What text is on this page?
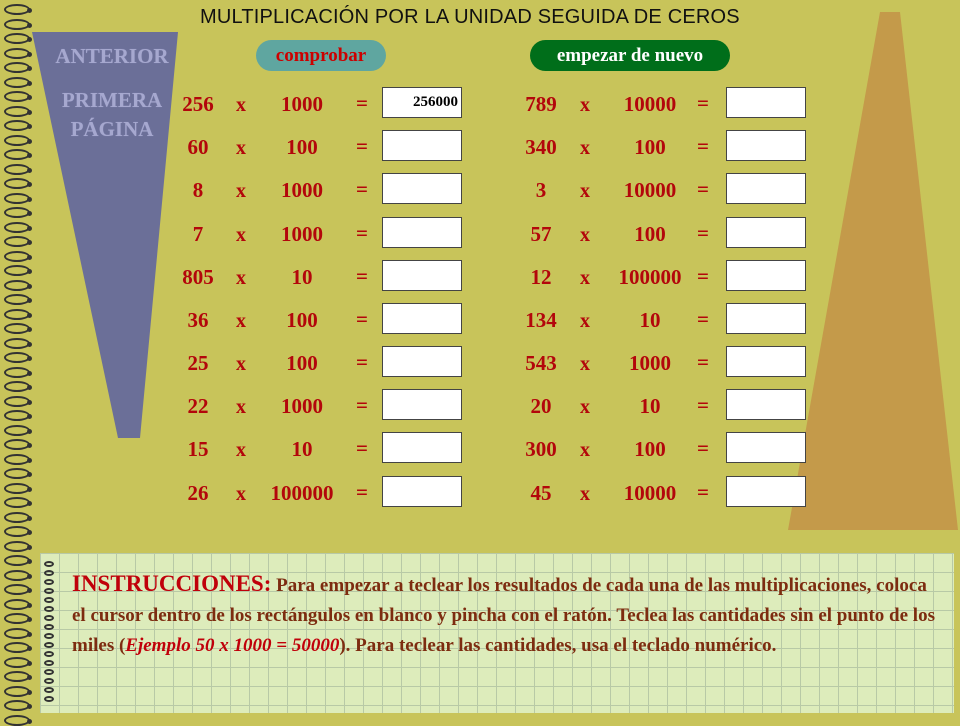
MULTIPLICACIÓN POR LA UNIDAD SEGUIDA DE CEROS
ANTERIOR
PRIMERA
PÁGINA
comprobar	empezar de nuevo
256	x	1000	=
256000
60	x	100	=
8	x	1000	=
7	x	1000	=
805	x	10	=
36	x	100	=
25	x	100	=
22	x	1000	=
15	x	10	=
26	x	100000	=
789	x	10000 =
340	x	100	=
3	x	10000 =
57	x	100	=
12	x	100000 =
134	x	10	=
543	x	1000	=
20	x	10	=
300	x	100	=
45	x	10000 =
INSTRUCCIONES: Para empezar a teclear los resultados de cada una de las multiplicaciones, coloca el cursor dentro de los rectángulos en blanco y pincha con el ratón. Teclea las cantidades sin el punto de los miles (Ejemplo 50 x 1000 = 50000). Para teclear las cantidades, usa el teclado numérico.
